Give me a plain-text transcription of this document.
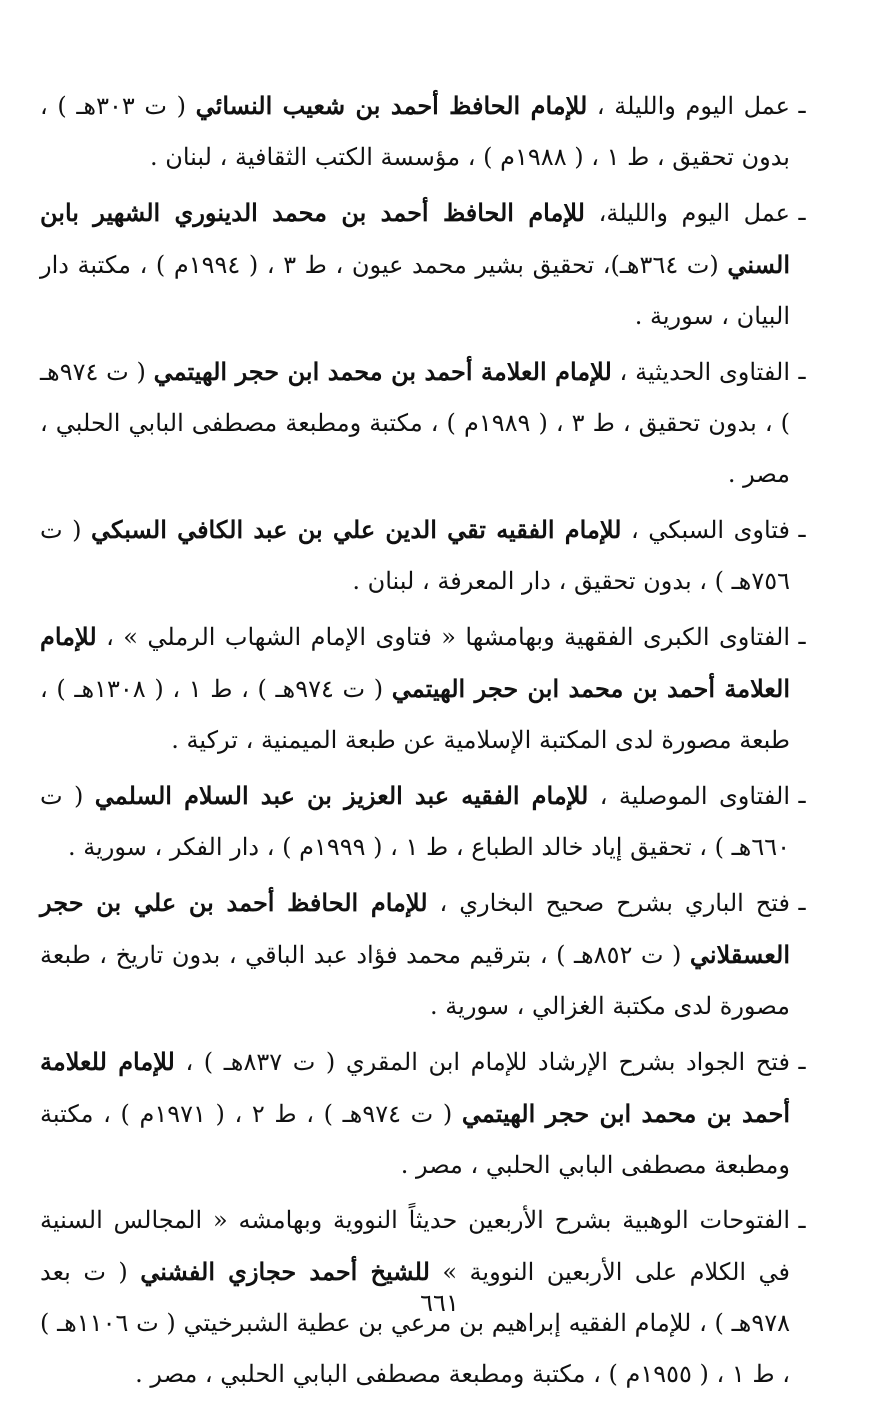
ـ
عمل اليوم والليلة ، للإمام الحافظ أحمد بن شعيب النسائي ( ت ٣٠٣هـ ) ، بدون تحقيق ، ط ١ ، ( ١٩٨٨م ) ، مؤسسة الكتب الثقافية ، لبنان .

ـ
عمل اليوم والليلة، للإمام الحافظ أحمد بن محمد الدينوري الشهير بابن السني (ت ٣٦٤هـ)، تحقيق بشير محمد عيون ، ط ٣ ، ( ١٩٩٤م ) ، مكتبة دار البيان ، سورية .

ـ
الفتاوى الحديثية ، للإمام العلامة أحمد بن محمد ابن حجر الهيتمي ( ت ٩٧٤هـ ) ، بدون تحقيق ، ط ٣ ، ( ١٩٨٩م ) ، مكتبة ومطبعة مصطفى البابي الحلبي ، مصر .

ـ
فتاوى السبكي ، للإمام الفقيه تقي الدين علي بن عبد الكافي السبكي ( ت ٧٥٦هـ ) ، بدون تحقيق ، دار المعرفة ، لبنان .

ـ
الفتاوى الكبرى الفقهية وبهامشها « فتاوى الإمام الشهاب الرملي » ، للإمام العلامة أحمد بن محمد ابن حجر الهيتمي ( ت ٩٧٤هـ ) ، ط ١ ، ( ١٣٠٨هـ ) ، طبعة مصورة لدى المكتبة الإسلامية عن طبعة الميمنية ، تركية .

ـ
الفتاوى الموصلية ، للإمام الفقيه عبد العزيز بن عبد السلام السلمي ( ت ٦٦٠هـ ) ، تحقيق إياد خالد الطباع ، ط ١ ، ( ١٩٩٩م ) ، دار الفكر ، سورية .

ـ
فتح الباري بشرح صحيح البخاري ، للإمام الحافظ أحمد بن علي بن حجر العسقلاني ( ت ٨٥٢هـ ) ، بترقيم محمد فؤاد عبد الباقي ، بدون تاريخ ، طبعة مصورة لدى مكتبة الغزالي ، سورية .

ـ
فتح الجواد بشرح الإرشاد للإمام ابن المقري ( ت ٨٣٧هـ ) ، للإمام للعلامة أحمد بن محمد ابن حجر الهيتمي ( ت ٩٧٤هـ ) ، ط ٢ ، ( ١٩٧١م ) ، مكتبة ومطبعة مصطفى البابي الحلبي ، مصر .

ـ
الفتوحات الوهبية بشرح الأربعين حديثاً النووية وبهامشه « المجالس السنية في الكلام على الأربعين النووية » للشيخ أحمد حجازي الفشني ( ت بعد ٩٧٨هـ ) ، للإمام الفقيه إبراهيم بن مرعي بن عطية الشبرخيتي ( ت ١١٠٦هـ ) ، ط ١ ، ( ١٩٥٥م ) ، مكتبة ومطبعة مصطفى البابي الحلبي ، مصر .

٦٦١
